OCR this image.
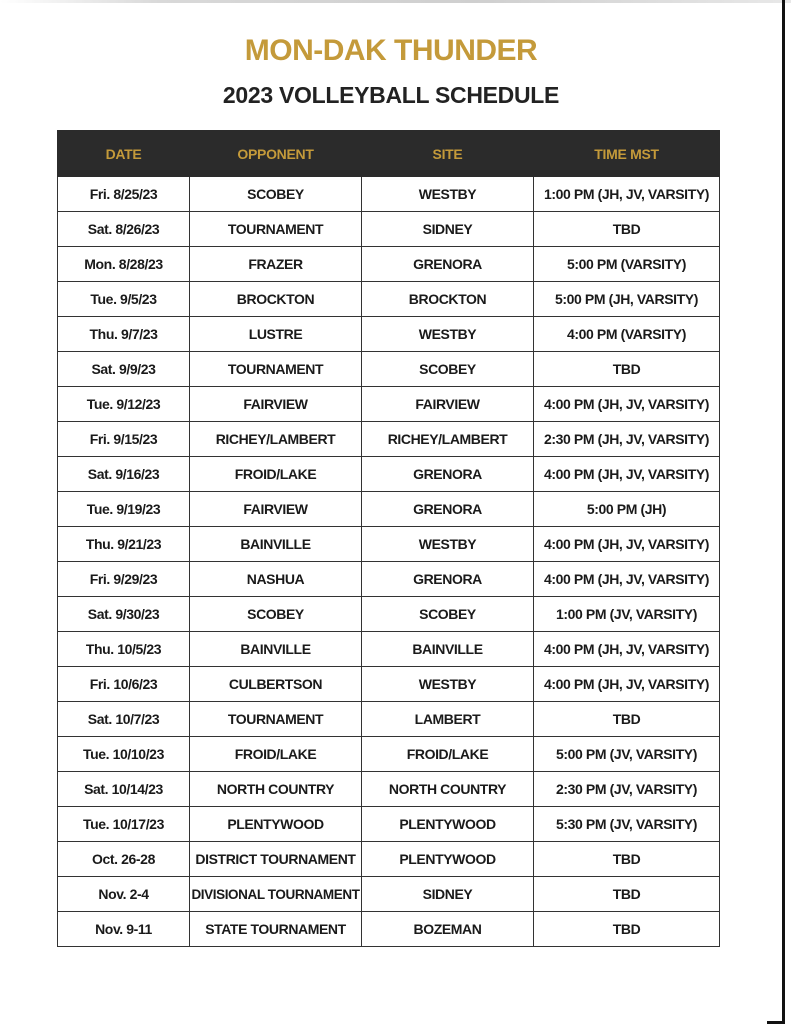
MON-DAK THUNDER
2023 VOLLEYBALL SCHEDULE
DATE	OPPONENT	SITE	TIME MST
Fri. 8/25/23	SCOBEY	WESTBY	1:00 PM (JH, JV, VARSITY)
Sat. 8/26/23	TOURNAMENT	SIDNEY	TBD
Mon. 8/28/23	FRAZER	GRENORA	5:00 PM (VARSITY)
Tue. 9/5/23	BROCKTON	BROCKTON	5:00 PM (JH, VARSITY)
Thu. 9/7/23	LUSTRE	WESTBY	4:00 PM (VARSITY)
Sat. 9/9/23	TOURNAMENT	SCOBEY	TBD
Tue. 9/12/23	FAIRVIEW	FAIRVIEW	4:00 PM (JH, JV, VARSITY)
Fri. 9/15/23	RICHEY/LAMBERT	RICHEY/LAMBERT	2:30 PM (JH, JV, VARSITY)
Sat. 9/16/23	FROID/LAKE	GRENORA	4:00 PM (JH, JV, VARSITY)
Tue. 9/19/23	FAIRVIEW	GRENORA	5:00 PM (JH)
Thu. 9/21/23	BAINVILLE	WESTBY	4:00 PM (JH, JV, VARSITY)
Fri. 9/29/23	NASHUA	GRENORA	4:00 PM (JH, JV, VARSITY)
Sat. 9/30/23	SCOBEY	SCOBEY	1:00 PM (JV, VARSITY)
Thu. 10/5/23	BAINVILLE	BAINVILLE	4:00 PM (JH, JV, VARSITY)
Fri. 10/6/23	CULBERTSON	WESTBY	4:00 PM (JH, JV, VARSITY)
Sat. 10/7/23	TOURNAMENT	LAMBERT	TBD
Tue. 10/10/23	FROID/LAKE	FROID/LAKE	5:00 PM (JV, VARSITY)
Sat. 10/14/23	NORTH COUNTRY	NORTH COUNTRY	2:30 PM (JV, VARSITY)
Tue. 10/17/23	PLENTYWOOD	PLENTYWOOD	5:30 PM (JV, VARSITY)
Oct. 26-28	DISTRICT TOURNAMENT	PLENTYWOOD	TBD
Nov. 2-4	DIVISIONAL TOURNAMENT	SIDNEY	TBD
Nov. 9-11	STATE TOURNAMENT	BOZEMAN	TBD
